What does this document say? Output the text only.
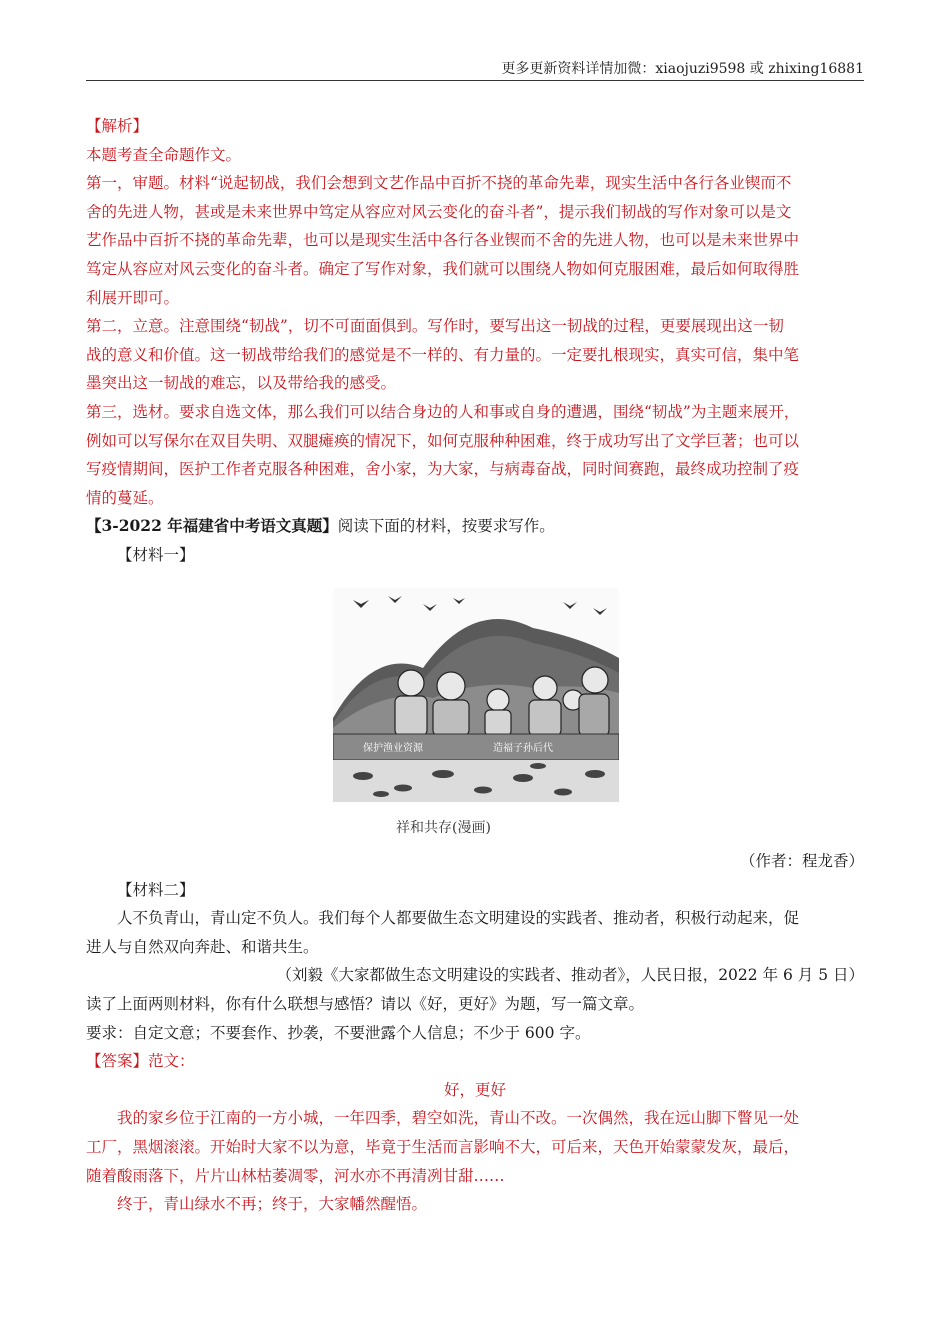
更多更新资料详情加微：xiaojuzi9598 或 zhixing16881
【解析】
本题考查全命题作文。
第一，审题。材料“说起韧战，我们会想到文艺作品中百折不挠的革命先辈，现实生活中各行各业锲而不
舍的先进人物，甚或是未来世界中笃定从容应对风云变化的奋斗者”，提示我们韧战的写作对象可以是文
艺作品中百折不挠的革命先辈，也可以是现实生活中各行各业锲而不舍的先进人物，也可以是未来世界中
笃定从容应对风云变化的奋斗者。确定了写作对象，我们就可以围绕人物如何克服困难，最后如何取得胜
利展开即可。
第二，立意。注意围绕“韧战”，切不可面面俱到。写作时，要写出这一韧战的过程，更要展现出这一韧
战的意义和价值。这一韧战带给我们的感觉是不一样的、有力量的。一定要扎根现实，真实可信，集中笔
墨突出这一韧战的难忘，以及带给我的感受。
第三，选材。要求自选文体，那么我们可以结合身边的人和事或自身的遭遇，围绕“韧战”为主题来展开，
例如可以写保尔在双目失明、双腿瘫痪的情况下，如何克服种种困难，终于成功写出了文学巨著；也可以
写疫情期间，医护工作者克服各种困难，舍小家，为大家，与病毒奋战，同时间赛跑，最终成功控制了疫
情的蔓延。
【3-2022 年福建省中考语文真题】阅读下面的材料，按要求写作。
【材料一】
保护渔业资源	造福子孙后代
祥和共存(漫画)
（作者：程龙香）
【材料二】
人不负青山，青山定不负人。我们每个人都要做生态文明建设的实践者、推动者，积极行动起来，促
进人与自然双向奔赴、和谐共生。
（刘毅《大家都做生态文明建设的实践者、推动者》，人民日报，2022 年 6 月 5 日）
读了上面两则材料，你有什么联想与感悟？请以《好，更好》为题，写一篇文章。
要求：自定文意；不要套作、抄袭，不要泄露个人信息；不少于 600 字。
【答案】范文：
好，更好
我的家乡位于江南的一方小城，一年四季，碧空如洗，青山不改。一次偶然，我在远山脚下瞥见一处
工厂，黑烟滚滚。开始时大家不以为意，毕竟于生活而言影响不大，可后来，天色开始蒙蒙发灰，最后，
随着酸雨落下，片片山林枯萎凋零，河水亦不再清冽甘甜……
终于，青山绿水不再；终于，大家幡然醒悟。
